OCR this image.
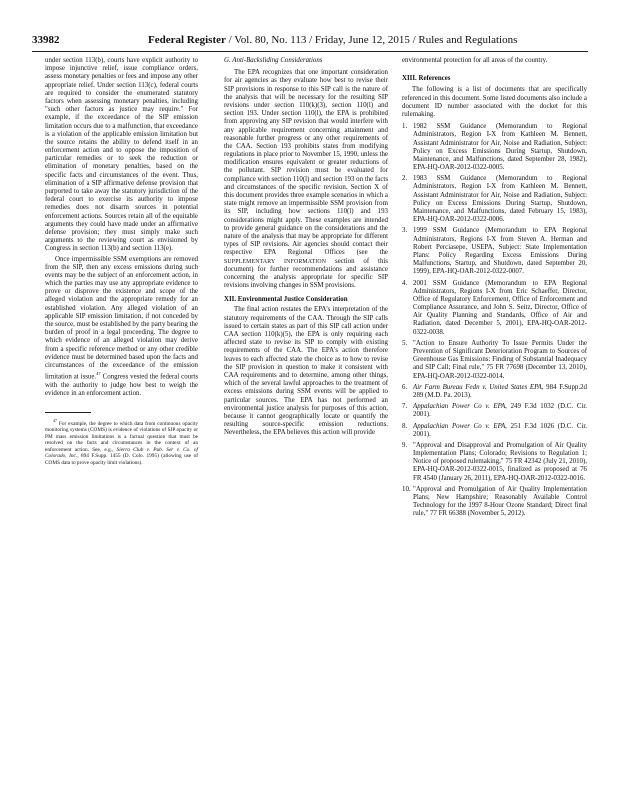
33982	Federal Register / Vol. 80, No. 113 / Friday, June 12, 2015 / Rules and Regulations

under section 113(b), courts have explicit authority to impose injunctive relief, issue compliance orders, assess monetary penalties or fees and impose any other appropriate relief. Under section 113(c), federal courts are required to consider the enumerated statutory factors when assessing monetary penalties, including "such other factors as justice may require." For example, if the exceedance of the SIP emission limitation occurs due to a malfunction, that exceedance is a violation of the applicable emission limitation but the source retains the ability to defend itself in an enforcement action and to oppose the imposition of particular remedies or to seek the reduction or elimination of monetary penalties, based on the specific facts and circumstances of the event. Thus, elimination of a SIP affirmative defense provision that purported to take away the statutory jurisdiction of the federal court to exercise its authority to impose remedies does not disarm sources in potential enforcement actions. Sources retain all of the equitable arguments they could have made under an affirmative defense provision; they must simply make such arguments to the reviewing court as envisioned by Congress in section 113(b) and section 113(e).

Once impermissible SSM exemptions are removed from the SIP, then any excess emissions during such events may be the subject of an enforcement action, in which the parties may use any appropriate evidence to prove or disprove the existence and scope of the alleged violation and the appropriate remedy for an established violation. Any alleged violation of an applicable SIP emission limitation, if not conceded by the source, must be established by the party bearing the burden of proof in a legal proceeding. The degree to which evidence of an alleged violation may derive from a specific reference method or any other credible evidence must be determined based upon the facts and circumstances of the exceedance of the emission limitation at issue.$^{47}$ Congress vested the federal courts with the authority to judge how best to weigh the evidence in an enforcement action.

$^{47}$ For example, the degree to which data from continuous opacity monitoring systems (COMS) is evidence of violations of SIP opacity or PM mass emission limitations is a factual question that must be resolved on the facts and circumstances in the context of an enforcement action. See, e.g., Sierra Club v. Pub. Ser v. Co. of Colorado, Inc., 894 F.Supp. 1455 (D. Colo. 1995) (allowing use of COMS data to prove opacity limit violations).

G. Anti-Backsliding Considerations

The EPA recognizes that one important consideration for air agencies as they evaluate how best to revise their SIP provisions in response to this SIP call is the nature of the analysis that will be necessary for the resulting SIP revisions under section 110(k)(3), section 110(l) and section 193. Under section 110(l), the EPA is prohibited from approving any SIP revision that would interfere with any applicable requirement concerning attainment and reasonable further progress or any other requirements of the CAA. Section 193 prohibits states from modifying regulations in place prior to November 15, 1990, unless the modification ensures equivalent or greater reductions of the pollutant. SIP revision must be evaluated for compliance with section 110(l) and section 193 on the facts and circumstances of the specific revision. Section X of this document provides three example scenarios in which a state might remove an impermissible SSM provision from its SIP, including how sections 110(l) and 193 considerations might apply. These examples are intended to provide general guidance on the considerations and the nature of the analysis that may be appropriate for different types of SIP revisions. Air agencies should contact their respective EPA Regional Offices (see the SUPPLEMENTARY INFORMATION section of this document) for further recommendations and assistance concerning the analysis appropriate for specific SIP revisions involving changes in SSM provisions.

XII. Environmental Justice Consideration

The final action restates the EPA's interpretation of the statutory requirements of the CAA. Through the SIP calls issued to certain states as part of this SIP call action under CAA section 110(k)(5), the EPA is only requiring each affected state to revise its SIP to comply with existing requirements of the CAA. The EPA's action therefore leaves to each affected state the choice as to how to revise the SIP provision in question to make it consistent with CAA requirements and to determine, among other things, which of the several lawful approaches to the treatment of excess emissions during SSM events will be applied to particular sources. The EPA has not performed an environmental justice analysis for purposes of this action, because it cannot geographically locate or quantify the resulting source-specific emission reductions. Nevertheless, the EPA believes this action will provide

environmental protection for all areas of the country.

XIII. References

The following is a list of documents that are specifically referenced in this document. Some listed documents also include a document ID number associated with the docket for this rulemaking.

1. 1982 SSM Guidance (Memorandum to Regional Administrators, Region I-X from Kathleen M. Bennett, Assistant Administrator for Air, Noise and Radiation, Subject: Policy on Excess Emissions During Startup, Shutdown, Maintenance, and Malfunctions, dated September 28, 1982), EPA-HQ-OAR-2012-0322-0005.
2. 1983 SSM Guidance (Memorandum to Regional Administrators, Region I-X from Kathleen M. Bennett, Assistant Administrator for Air, Noise and Radiation, Subject: Policy on Excess Emissions During Startup, Shutdown, Maintenance, and Malfunctions, dated February 15, 1983), EPA-HQ-OAR-2012-0322-0006.
3. 1999 SSM Guidance (Memorandum to EPA Regional Administrators, Regions I-X from Steven A. Herman and Robert Perciasepe, USEPA, Subject: State Implementation Plans: Policy Regarding Excess Emissions During Malfunctions, Startup, and Shutdown, dated September 20, 1999), EPA-HQ-OAR-2012-0322-0007.
4. 2001 SSM Guidance (Memorandum to EPA Regional Administrators, Regions I-X from Eric Schaeffer, Director, Office of Regulatory Enforcement, Office of Enforcement and Compliance Assurance, and John S. Seitz, Director, Office of Air Quality Planning and Standards, Office of Air and Radiation, dated December 5, 2001), EPA-HQ-OAR-2012-0322-0038.
5. "Action to Ensure Authority To Issue Permits Under the Prevention of Significant Deterioration Program to Sources of Greenhouse Gas Emissions: Finding of Substantial Inadequacy and SIP Call; Final rule," 75 FR 77698 (December 13, 2010), EPA-HQ-OAR-2012-0322-0014.
6. Air Farm Bureau Fedn v. United States EPA, 984 F.Supp.2d 289 (M.D. Pa. 2013).
7. Appalachian Power Co v. EPA, 249 F.3d 1032 (D.C. Cir. 2001).
8. Appalachian Power Co v. EPA, 251 F.3d 1026 (D.C. Cir. 2001).
9. "Approval and Disapproval and Promulgation of Air Quality Implementation Plans; Colorado; Revisions to Regulation 1; Notice of proposed rulemaking," 75 FR 42342 (July 21, 2010), EPA-HQ-OAR-2012-0322-0015, finalized as proposed at 76 FR 4540 (January 26, 2011), EPA-HQ-OAR-2012-0322-0016.
10. "Approval and Promulgation of Air Quality Implementation Plans; New Hampshire; Reasonably Available Control Technology for the 1997 8-Hour Ozone Standard; Direct final rule," 77 FR 66388 (November 5, 2012).
